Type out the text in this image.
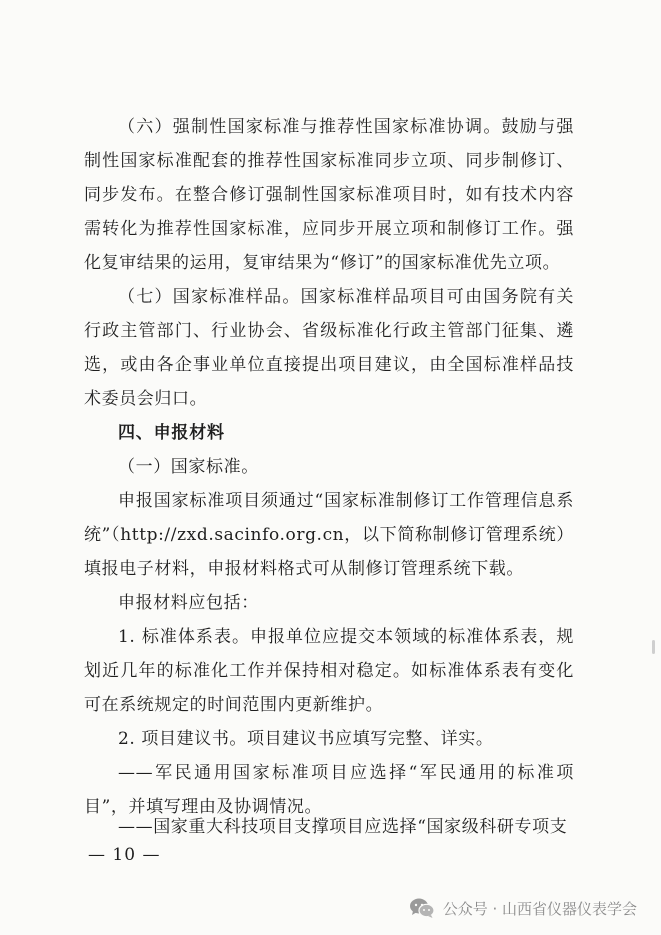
（六）强制性国家标准与推荐性国家标准协调。鼓励与强制性国家标准配套的推荐性国家标准同步立项、同步制修订、同步发布。在整合修订强制性国家标准项目时，如有技术内容需转化为推荐性国家标准，应同步开展立项和制修订工作。强化复审结果的运用，复审结果为“修订”的国家标准优先立项。

（七）国家标准样品。国家标准样品项目可由国务院有关行政主管部门、行业协会、省级标准化行政主管部门征集、遴选，或由各企事业单位直接提出项目建议，由全国标准样品技术委员会归口。

四、申报材料

（一）国家标准。

申报国家标准项目须通过“国家标准制修订工作管理信息系统”（http://zxd.sacinfo.org.cn，以下简称制修订管理系统）填报电子材料，申报材料格式可从制修订管理系统下载。

申报材料应包括：

1. 标准体系表。申报单位应提交本领域的标准体系表，规划近几年的标准化工作并保持相对稳定。如标准体系表有变化可在系统规定的时间范围内更新维护。

2. 项目建议书。项目建议书应填写完整、详实。

——军民通用国家标准项目应选择“军民通用的标准项目”，并填写理由及协调情况。

——国家重大科技项目支撑项目应选择“国家级科研专项支

— 10 —
公众号 · 山西省仪器仪表学会
